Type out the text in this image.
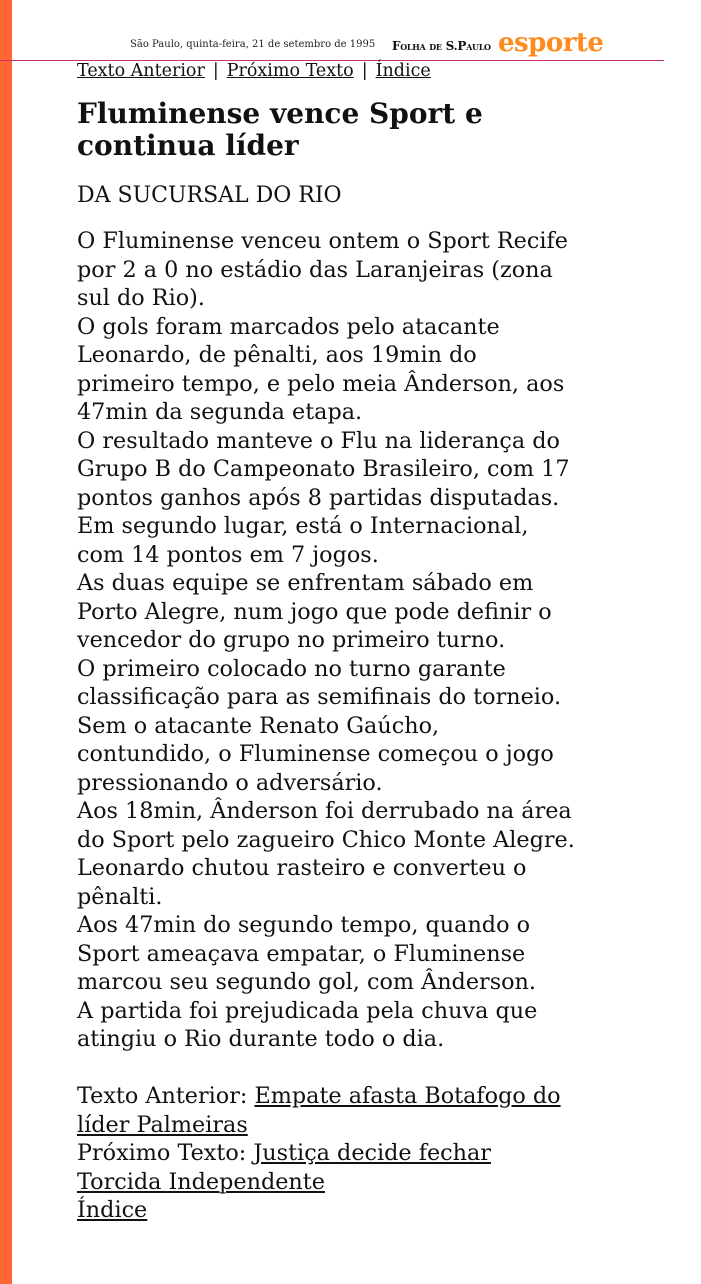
São Paulo, quinta-feira, 21 de setembro de 1995 Folha de S.Paulo esporte
Texto Anterior | Próximo Texto | Índice
Fluminense vence Sport e continua líder

DA SUCURSAL DO RIO

O Fluminense venceu ontem o Sport Recife por 2 a 0 no estádio das Laranjeiras (zona sul do Rio).

O gols foram marcados pelo atacante Leonardo, de pênalti, aos 19min do primeiro tempo, e pelo meia Ânderson, aos 47min da segunda etapa.

O resultado manteve o Flu na liderança do Grupo B do Campeonato Brasileiro, com 17 pontos ganhos após 8 partidas disputadas.

Em segundo lugar, está o Internacional, com 14 pontos em 7 jogos.

As duas equipe se enfrentam sábado em Porto Alegre, num jogo que pode definir o vencedor do grupo no primeiro turno.

O primeiro colocado no turno garante classificação para as semifinais do torneio.

Sem o atacante Renato Gaúcho, contundido, o Fluminense começou o jogo pressionando o adversário.

Aos 18min, Ânderson foi derrubado na área do Sport pelo zagueiro Chico Monte Alegre. Leonardo chutou rasteiro e converteu o pênalti.

Aos 47min do segundo tempo, quando o Sport ameaçava empatar, o Fluminense marcou seu segundo gol, com Ânderson.

A partida foi prejudicada pela chuva que atingiu o Rio durante todo o dia.

Texto Anterior: Empate afasta Botafogo do líder Palmeiras

Próximo Texto: Justiça decide fechar Torcida Independente

Índice
